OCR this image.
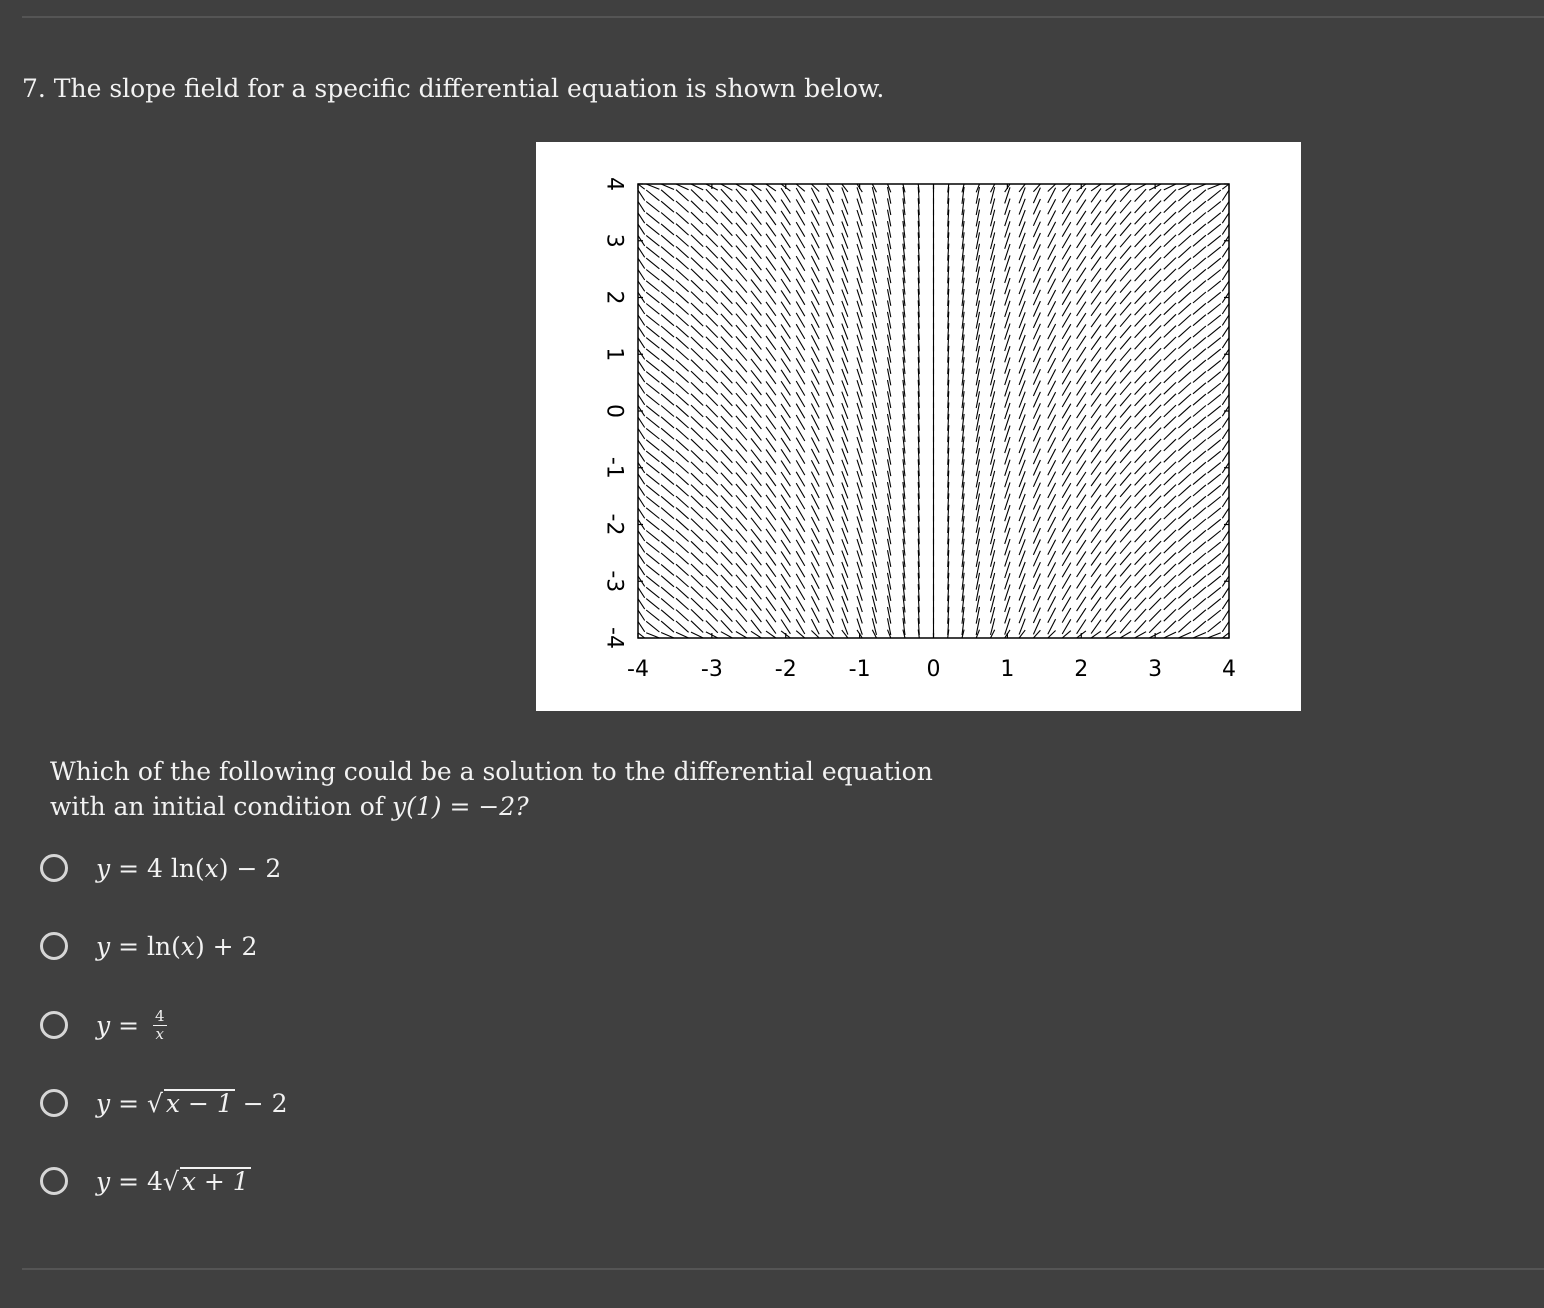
7. The slope field for a specific differential equation is shown below.
-4 -3 -2 -1	0	1	2	3	4
4
3
2
1
0
-1
-2
-3
-4
Which of the following could be a solution to the differential equation
with an initial condition of y(1) = −2?
y = 4 ln( x ) − 2
y = ln( x ) + 2
$y = \frac{4}{x}$
y = √ x − 1 − 2
y = 4 √ x + 1
